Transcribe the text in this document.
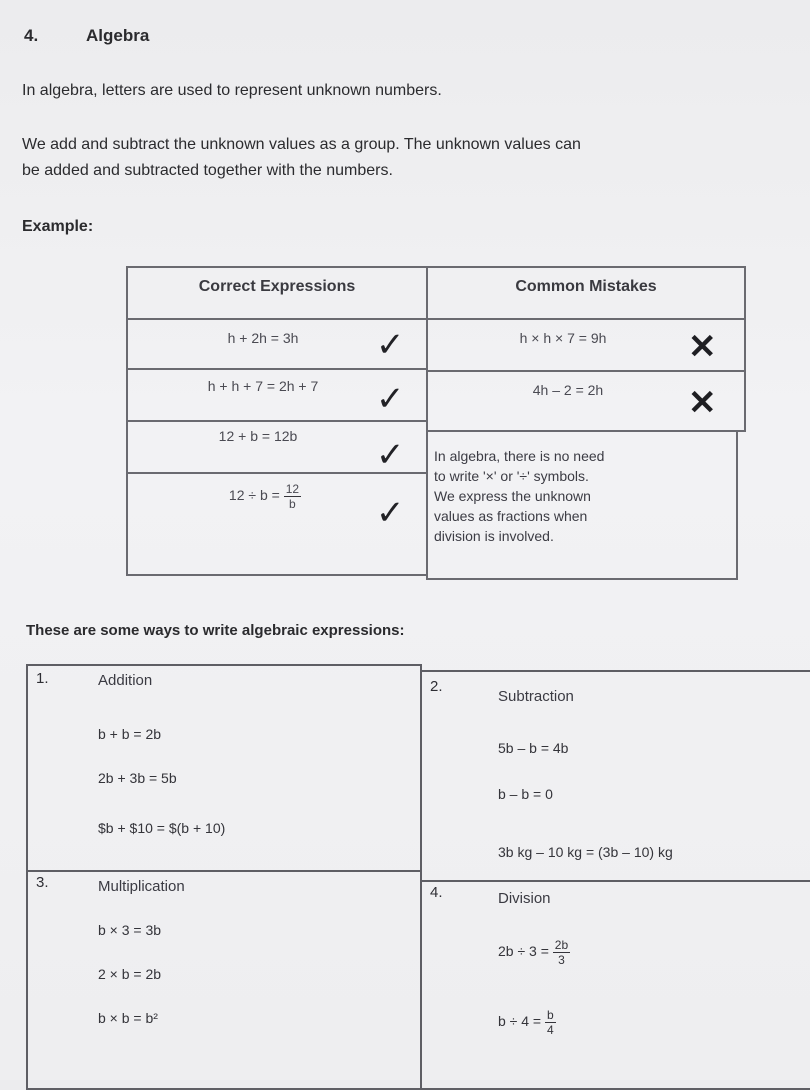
4.	Algebra
In algebra, letters are used to represent unknown numbers.
We add and subtract the unknown values as a group. The unknown values can
be added and subtracted together with the numbers.
Example:
Correct Expressions	Common Mistakes
h + 2h = 3h	✓
h + h + 7 = 2h + 7	✓
12 + b = 12b	✓
$12 \div b = \frac{12}{b}$ ✓
h × h × 7 = 9h	✕
4h – 2 = 2h	✕
In algebra, there is no need
to write '×' or '÷' symbols.
We express the unknown
values as fractions when
division is involved.
These are some ways to write algebraic expressions:
1.	Addition
b + b = 2b
2b + 3b = 5b
$b + $10 = $(b + 10)
2.
Subtraction
5b – b = 4b
b – b = 0
3b kg – 10 kg = (3b – 10) kg
3.	Multiplication
b × 3 = 3b
2 × b = 2b
b × b = b²
4.	Division
$2b \div 3 = \frac{2b}{3}$
$b \div 4 = \frac{b}{4}$
